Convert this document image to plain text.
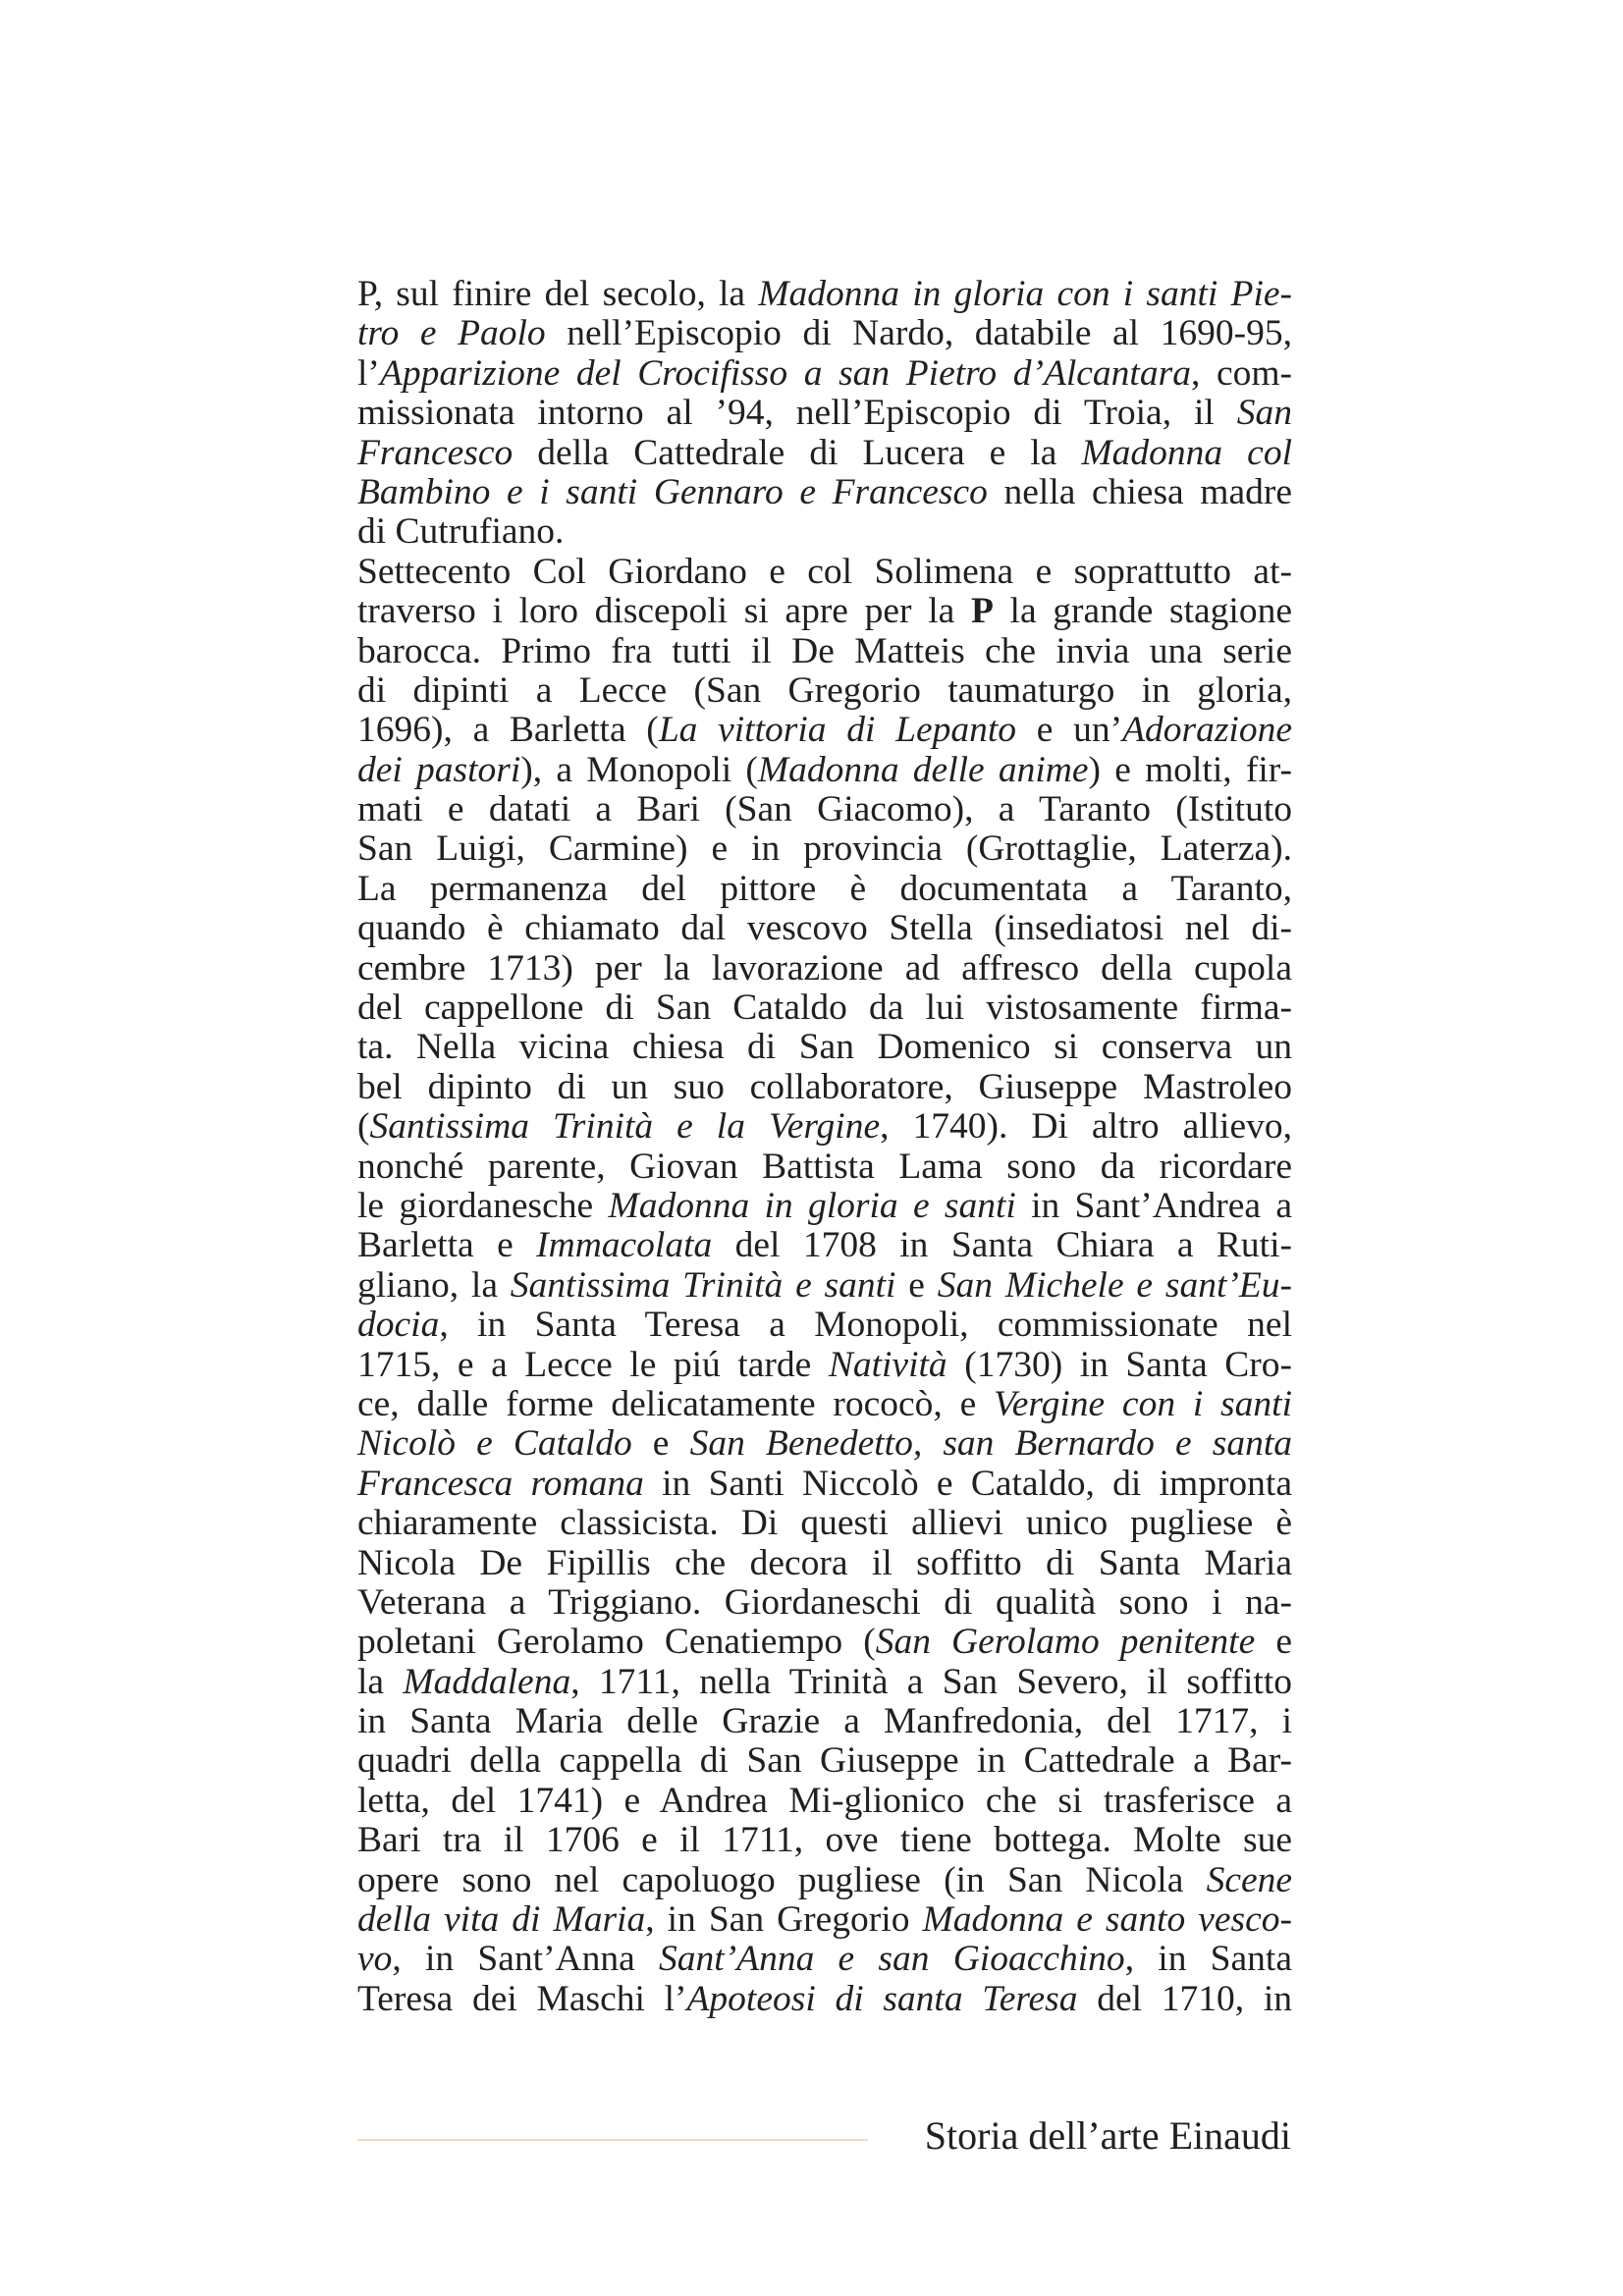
P, sul finire del secolo, la Madonna in gloria con i santi Pie-
tro e Paolo nell’Episcopio di Nardo, databile al 1690-95,
l’Apparizione del Crocifisso a san Pietro d’Alcantara, com-
missionata intorno al ’94, nell’Episcopio di Troia, il San
Francesco della Cattedrale di Lucera e la Madonna col
Bambino e i santi Gennaro e Francesco nella chiesa madre
di Cutrufiano.
Settecento Col Giordano e col Solimena e soprattutto at-
traverso i loro discepoli si apre per la P la grande stagione
barocca. Primo fra tutti il De Matteis che invia una serie
di dipinti a Lecce (San Gregorio taumaturgo in gloria,
1696), a Barletta (La vittoria di Lepanto e un’Adorazione
dei pastori), a Monopoli (Madonna delle anime) e molti, fir-
mati e datati a Bari (San Giacomo), a Taranto (Istituto
San Luigi, Carmine) e in provincia (Grottaglie, Laterza).
La permanenza del pittore è documentata a Taranto,
quando è chiamato dal vescovo Stella (insediatosi nel di-
cembre 1713) per la lavorazione ad affresco della cupola
del cappellone di San Cataldo da lui vistosamente firma-
ta. Nella vicina chiesa di San Domenico si conserva un
bel dipinto di un suo collaboratore, Giuseppe Mastroleo
(Santissima Trinità e la Vergine, 1740). Di altro allievo,
nonché parente, Giovan Battista Lama sono da ricordare
le giordanesche Madonna in gloria e santi in Sant’Andrea a
Barletta e Immacolata del 1708 in Santa Chiara a Ruti-
gliano, la Santissima Trinità e santi e San Michele e sant’Eu-
docia, in Santa Teresa a Monopoli, commissionate nel
1715, e a Lecce le piú tarde Natività (1730) in Santa Cro-
ce, dalle forme delicatamente rococò, e Vergine con i santi
Nicolò e Cataldo e San Benedetto, san Bernardo e santa
Francesca romana in Santi Niccolò e Cataldo, di impronta
chiaramente classicista. Di questi allievi unico pugliese è
Nicola De Fipillis che decora il soffitto di Santa Maria
Veterana a Triggiano. Giordaneschi di qualità sono i na-
poletani Gerolamo Cenatiempo (San Gerolamo penitente e
la Maddalena, 1711, nella Trinità a San Severo, il soffitto
in Santa Maria delle Grazie a Manfredonia, del 1717, i
quadri della cappella di San Giuseppe in Cattedrale a Bar-
letta, del 1741) e Andrea Mi-glionico che si trasferisce a
Bari tra il 1706 e il 1711, ove tiene bottega. Molte sue
opere sono nel capoluogo pugliese (in San Nicola Scene
della vita di Maria, in San Gregorio Madonna e santo vesco-
vo, in Sant’Anna Sant’Anna e san Gioacchino, in Santa
Teresa dei Maschi l’Apoteosi di santa Teresa del 1710, in
Storia dell’arte Einaudi
